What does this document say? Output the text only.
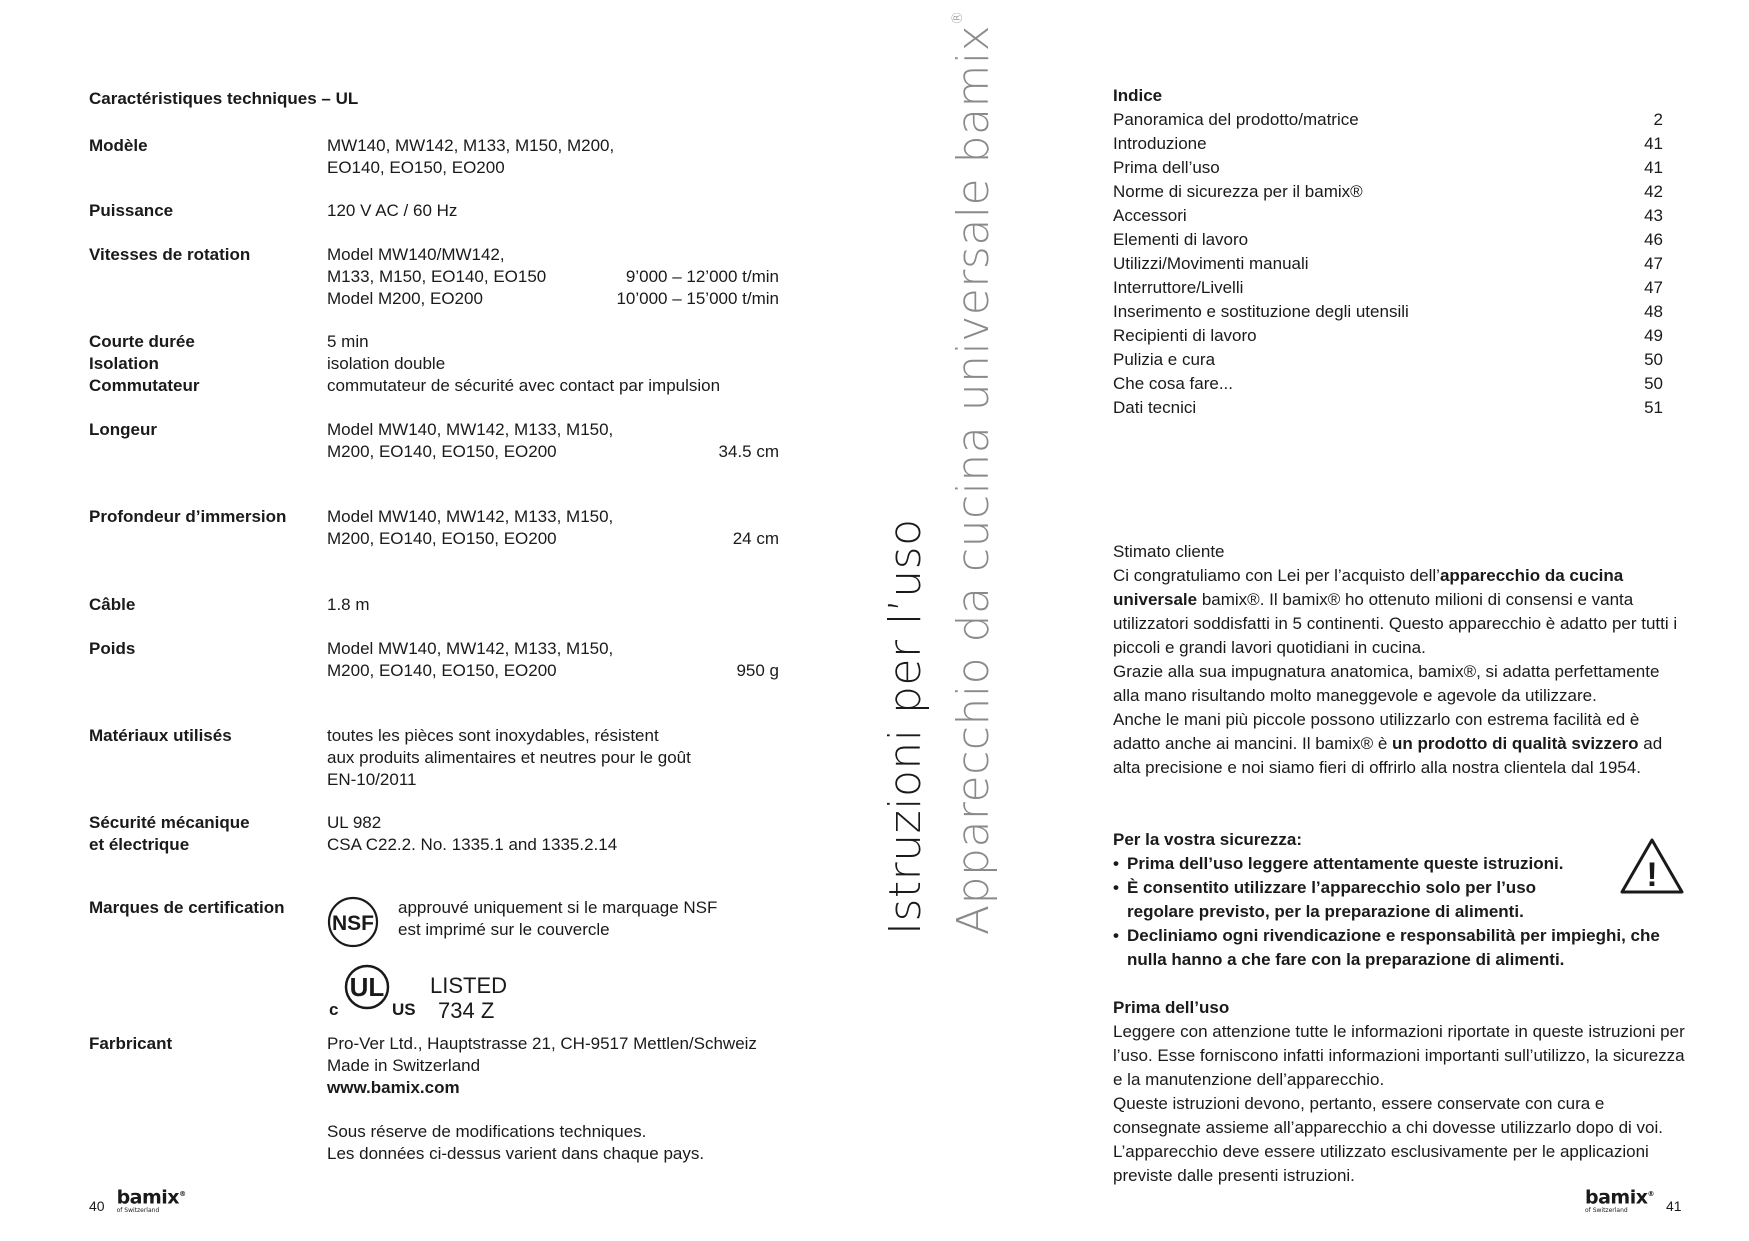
Caractéristiques techniques – UL
Modèle	MW140, MW142, M133, M150, M200,
EO140, EO150, EO200
Puissance	120 V AC / 60 Hz
Vitesses de rotation	Model MW140/MW142,
M133, M150, EO140, EO150	9’000 – 12’000 t/min
Model M200, EO200	10’000 – 15’000 t/min
Courte durée	5 min
Isolation	isolation double
Commutateur	commutateur de sécurité avec contact par impulsion
Longeur	Model MW140, MW142, M133, M150,
M200, EO140, EO150, EO200	34.5 cm
Profondeur d’immersion	Model MW140, MW142, M133, M150,
M200, EO140, EO150, EO200	24 cm
Câble	1.8 m
Poids	Model MW140, MW142, M133, M150,
M200, EO140, EO150, EO200	950 g
Matériaux utilisés	toutes les pièces sont inoxydables, résistent
aux produits alimentaires et neutres pour le goût
EN-10/2011
Sécurité mécanique	UL 982
et électrique	CSA C22.2. No. 1335.1 and 1335.2.14
Marques de certification
NSF
approuvé uniquement si le marquage NSF
est imprimé sur le couvercle
UL
c	US
LISTED
734 Z
Farbricant	Pro-Ver Ltd., Hauptstrasse 21, CH-9517 Mettlen/Schweiz
Made in Switzerland
www.bamix.com
Sous réserve de modifications techniques.
Les données ci-dessus varient dans chaque pays.
40 bamix®
of Switzerland
Istruzioni per l’uso Apparecchio da cucina universale bamix®
Indice
Panoramica del prodotto/matrice	2
Introduzione	41
Prima dell’uso	41
Norme di sicurezza per il bamix®	42
Accessori	43
Elementi di lavoro	46
Utilizzi/Movimenti manuali	47
Interruttore/Livelli	47
Inserimento e sostituzione degli utensili	48
Recipienti di lavoro	49
Pulizia e cura	50
Che cosa fare...	50
Dati tecnici	51
Stimato cliente
Ci congratuliamo con Lei per l’acquisto dell’apparecchio da cucina universale bamix®. Il bamix® ho ottenuto milioni di consensi e vanta utilizzatori soddisfatti in 5 continenti. Questo apparecchio è adatto per tutti i piccoli e grandi lavori quotidiani in cucina.
Grazie alla sua impugnatura anatomica, bamix®, si adatta perfettamente alla mano risultando molto maneggevole e agevole da utilizzare.
Anche le mani più piccole possono utilizzarlo con estrema facilità ed è adatto anche ai mancini. Il bamix® è un prodotto di qualità svizzero ad alta precisione e noi siamo fieri di offrirlo alla nostra clientela dal 1954.
Per la vostra sicurezza:
• Prima dell’uso leggere attentamente queste istruzioni.
• È consentito utilizzare l’apparecchio solo per l’uso regolare previsto, per la preparazione di alimenti.
• Decliniamo ogni rivendicazione e responsabilità per impieghi, che nulla hanno a che fare con la preparazione di alimenti.
!
Prima dell’uso
Leggere con attenzione tutte le informazioni riportate in queste istruzioni per l’uso. Esse forniscono infatti informazioni importanti sull’utilizzo, la sicurezza e la manutenzione dell’apparecchio.
Queste istruzioni devono, pertanto, essere conservate con cura e consegnate assieme all’apparecchio a chi dovesse utilizzarlo dopo di voi. L’apparecchio deve essere utilizzato esclusivamente per le applicazioni previste dalle presenti istruzioni.
bamix®
of Switzerland	41
